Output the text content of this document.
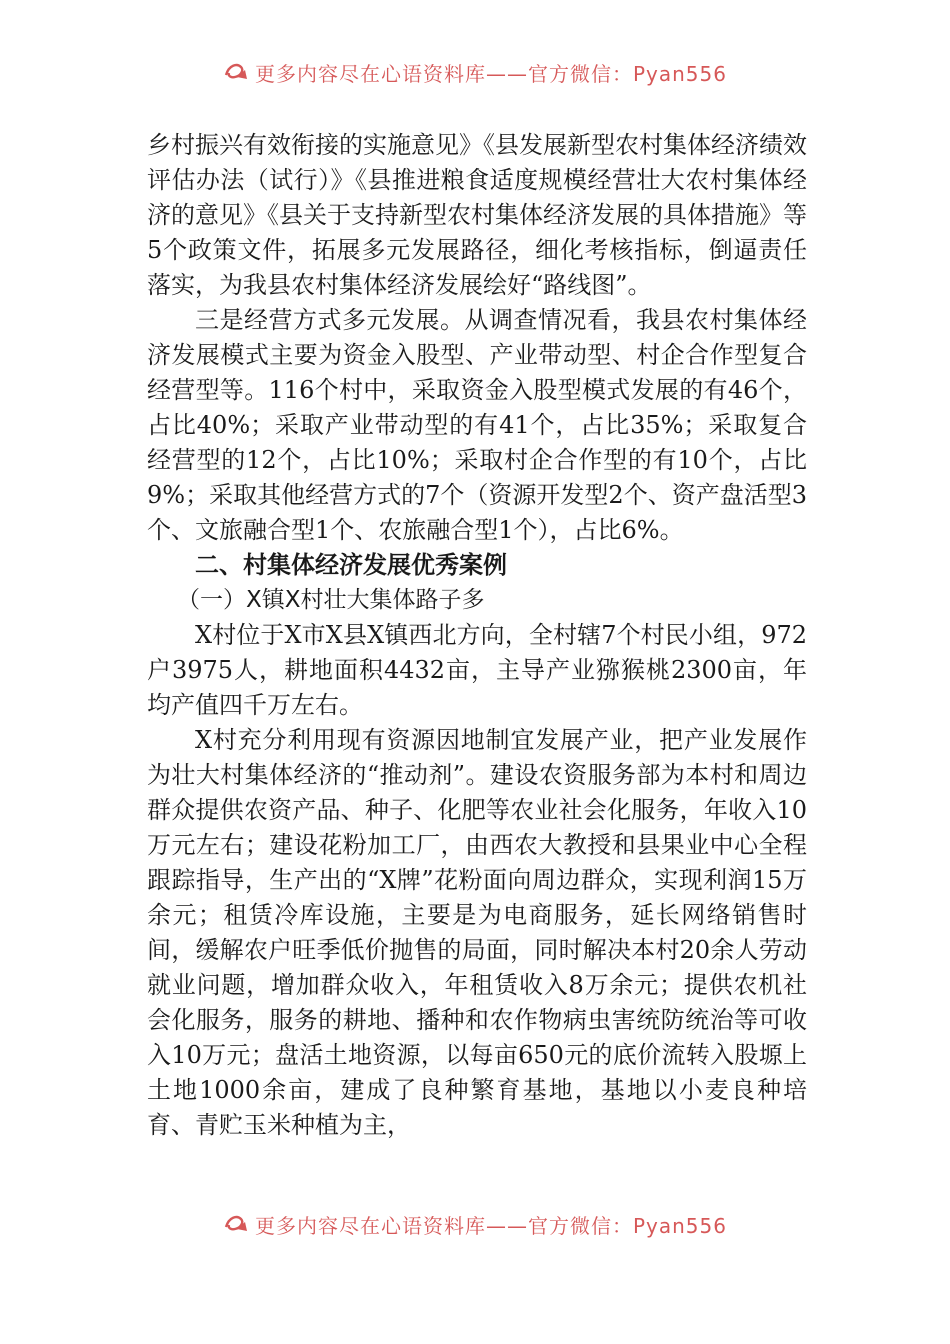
更多内容尽在心语资料库——官方微信：Pyan556

乡村振兴有效衔接的实施意见》《县发展新型农村集体经济绩效评估办法（试行）》《县推进粮食适度规模经营壮大农村集体经济的意见》《县关于支持新型农村集体经济发展的具体措施》等5个政策文件，拓展多元发展路径，细化考核指标，倒逼责任落实，为我县农村集体经济发展绘好“路线图”。

三是经营方式多元发展。从调查情况看，我县农村集体经济发展模式主要为资金入股型、产业带动型、村企合作型复合经营型等。116个村中，采取资金入股型模式发展的有46个，占比40%；采取产业带动型的有41个，占比35%；采取复合经营型的12个，占比10%；采取村企合作型的有10个，占比9%；采取其他经营方式的7个（资源开发型2个、资产盘活型3个、文旅融合型1个、农旅融合型1个），占比6%。

二、村集体经济发展优秀案例

（一）X镇X村壮大集体路子多

X村位于X市X县X镇西北方向，全村辖7个村民小组，972户3975人，耕地面积4432亩，主导产业猕猴桃2300亩，年均产值四千万左右。

X村充分利用现有资源因地制宜发展产业，把产业发展作为壮大村集体经济的“推动剂”。建设农资服务部为本村和周边群众提供农资产品、种子、化肥等农业社会化服务，年收入10万元左右；建设花粉加工厂，由西农大教授和县果业中心全程跟踪指导，生产出的“X牌”花粉面向周边群众，实现利润15万余元；租赁冷库设施，主要是为电商服务，延长网络销售时间，缓解农户旺季低价抛售的局面，同时解决本村20余人劳动就业问题，增加群众收入，年租赁收入8万余元；提供农机社会化服务，服务的耕地、播种和农作物病虫害统防统治等可收入10万元；盘活土地资源，以每亩650元的底价流转入股塬上土地1000余亩，建成了良种繁育基地，基地以小麦良种培育、青贮玉米种植为主，

更多内容尽在心语资料库——官方微信：Pyan556
